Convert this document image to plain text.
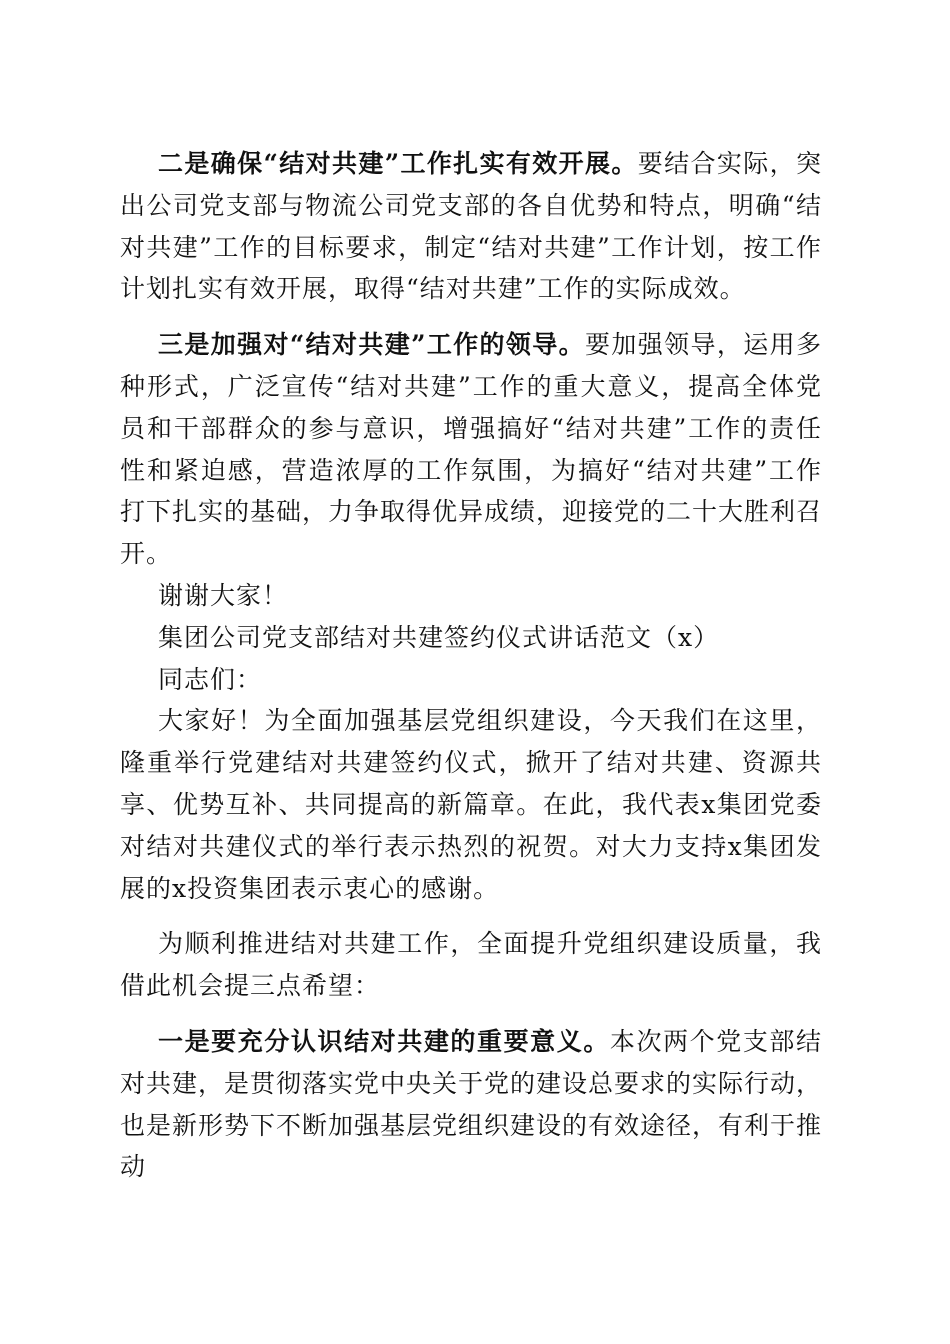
二是确保“结对共建”工作扎实有效开展。要结合实际，突出公司党支部与物流公司党支部的各自优势和特点，明确“结对共建”工作的目标要求，制定“结对共建”工作计划，按工作计划扎实有效开展，取得“结对共建”工作的实际成效。

三是加强对“结对共建”工作的领导。要加强领导，运用多种形式，广泛宣传“结对共建”工作的重大意义，提高全体党员和干部群众的参与意识，增强搞好“结对共建”工作的责任性和紧迫感，营造浓厚的工作氛围，为搞好“结对共建”工作打下扎实的基础，力争取得优异成绩，迎接党的二十大胜利召开。

谢谢大家！

集团公司党支部结对共建签约仪式讲话范文（x）

同志们：

大家好！为全面加强基层党组织建设，今天我们在这里，隆重举行党建结对共建签约仪式，掀开了结对共建、资源共享、优势互补、共同提高的新篇章。在此，我代表x集团党委对结对共建仪式的举行表示热烈的祝贺。对大力支持x集团发展的x投资集团表示衷心的感谢。

为顺利推进结对共建工作，全面提升党组织建设质量，我借此机会提三点希望：

一是要充分认识结对共建的重要意义。本次两个党支部结对共建，是贯彻落实党中央关于党的建设总要求的实际行动，也是新形势下不断加强基层党组织建设的有效途径，有利于推动
